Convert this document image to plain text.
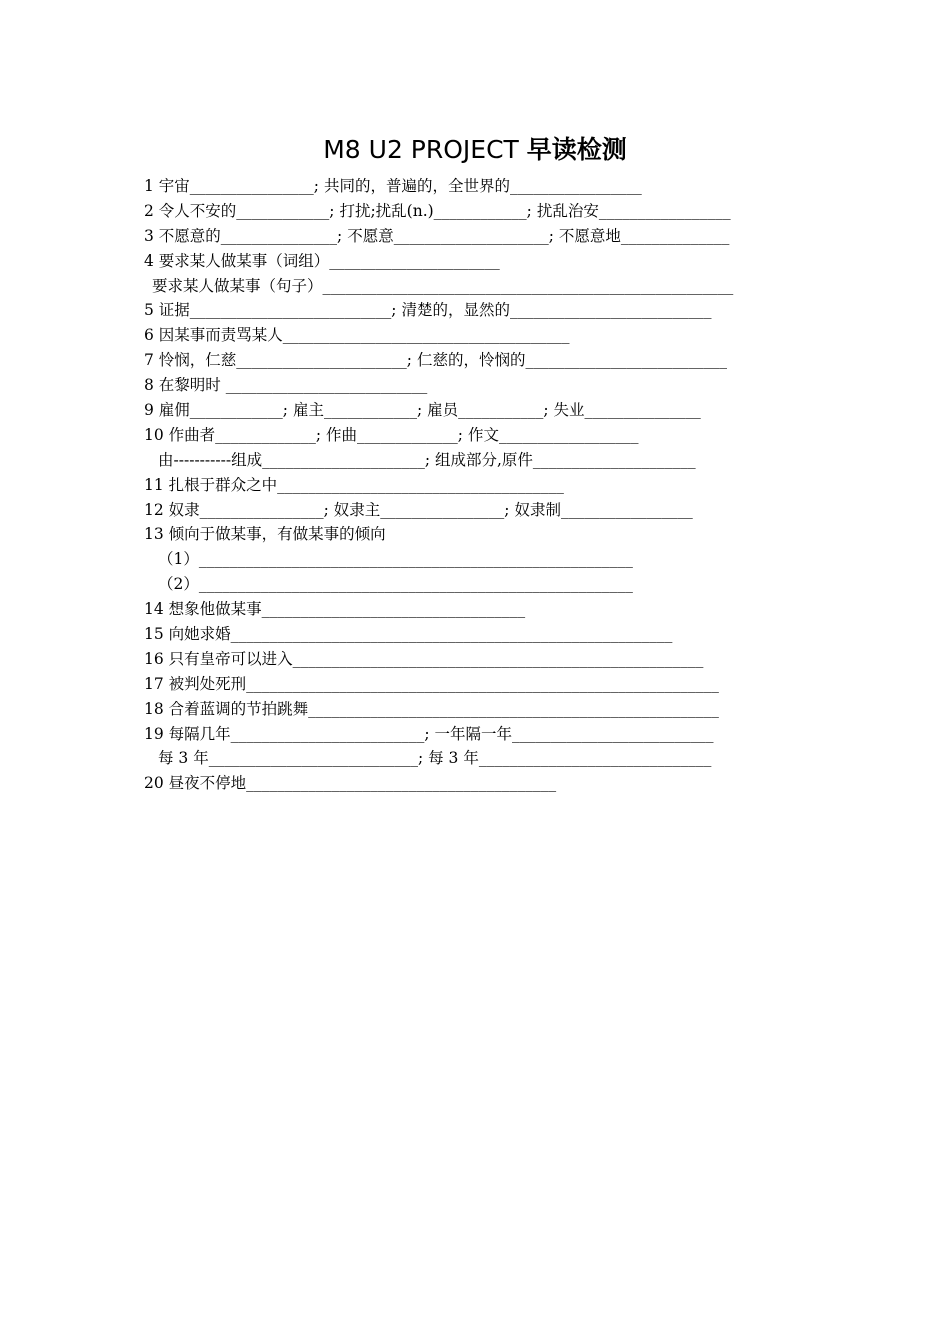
M8 U2 PROJECT 早读检测
1 宇宙________________; 共同的，普遍的，全世界的_________________
2 令人不安的____________; 打扰;扰乱(n.)____________; 扰乱治安_________________
3 不愿意的_______________; 不愿意____________________; 不愿意地______________
4 要求某人做某事（词组）______________________
要求某人做某事（句子）_____________________________________________________
5 证据__________________________; 清楚的，显然的__________________________
6 因某事而责骂某人_____________________________________
7 怜悯，仁慈______________________; 仁慈的，怜悯的__________________________
8 在黎明时 __________________________
9 雇佣____________; 雇主____________; 雇员___________; 失业_______________
10 作曲者_____________; 作曲_____________; 作文__________________
由-----------组成_____________________; 组成部分,原件_____________________
11 扎根于群众之中_____________________________________
12 奴隶________________; 奴隶主________________; 奴隶制_________________
13 倾向于做某事，有做某事的倾向
（1）________________________________________________________
（2）________________________________________________________
14 想象他做某事__________________________________
15 向她求婚_________________________________________________________
16 只有皇帝可以进入_____________________________________________________
17 被判处死刑_____________________________________________________________
18 合着蓝调的节拍跳舞_____________________________________________________
19 每隔几年_________________________; 一年隔一年__________________________
每 3 年___________________________; 每 3 年______________________________
20 昼夜不停地________________________________________
